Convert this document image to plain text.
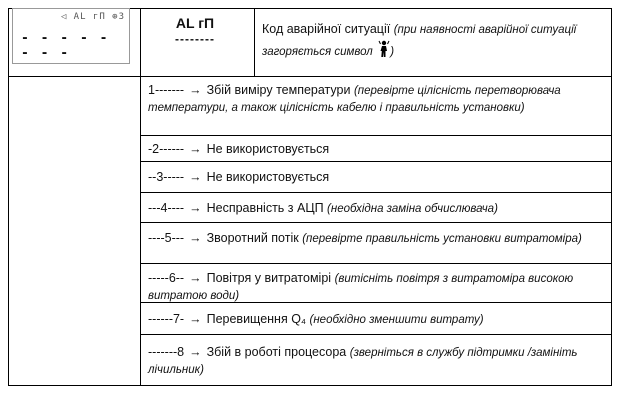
◁ AL гП ⊕3
- - - - - - - -
AL гП
--------
Код аварійної ситуації (при наявності аварійної ситуації загоряється символ )
1------- → Збій виміру температури (перевірте цілісність перетворювача температури, а також цілісність кабелю і правильність установки)
-2------ → Не використовується
--3----- → Не використовується
---4---- → Несправність з АЦП (необхідна заміна обчислювача)
----5--- → Зворотний потік (перевірте правильність установки витратоміра)
-----6-- → Повітря у витратомірі (витісніть повітря з витратоміра високою витратою води)
------7- → Перевищення Q₄ (необхідно зменшити витрату)
-------8 → Збій в роботі процесора (зверніться в службу підтримки /замініть лічильник)
